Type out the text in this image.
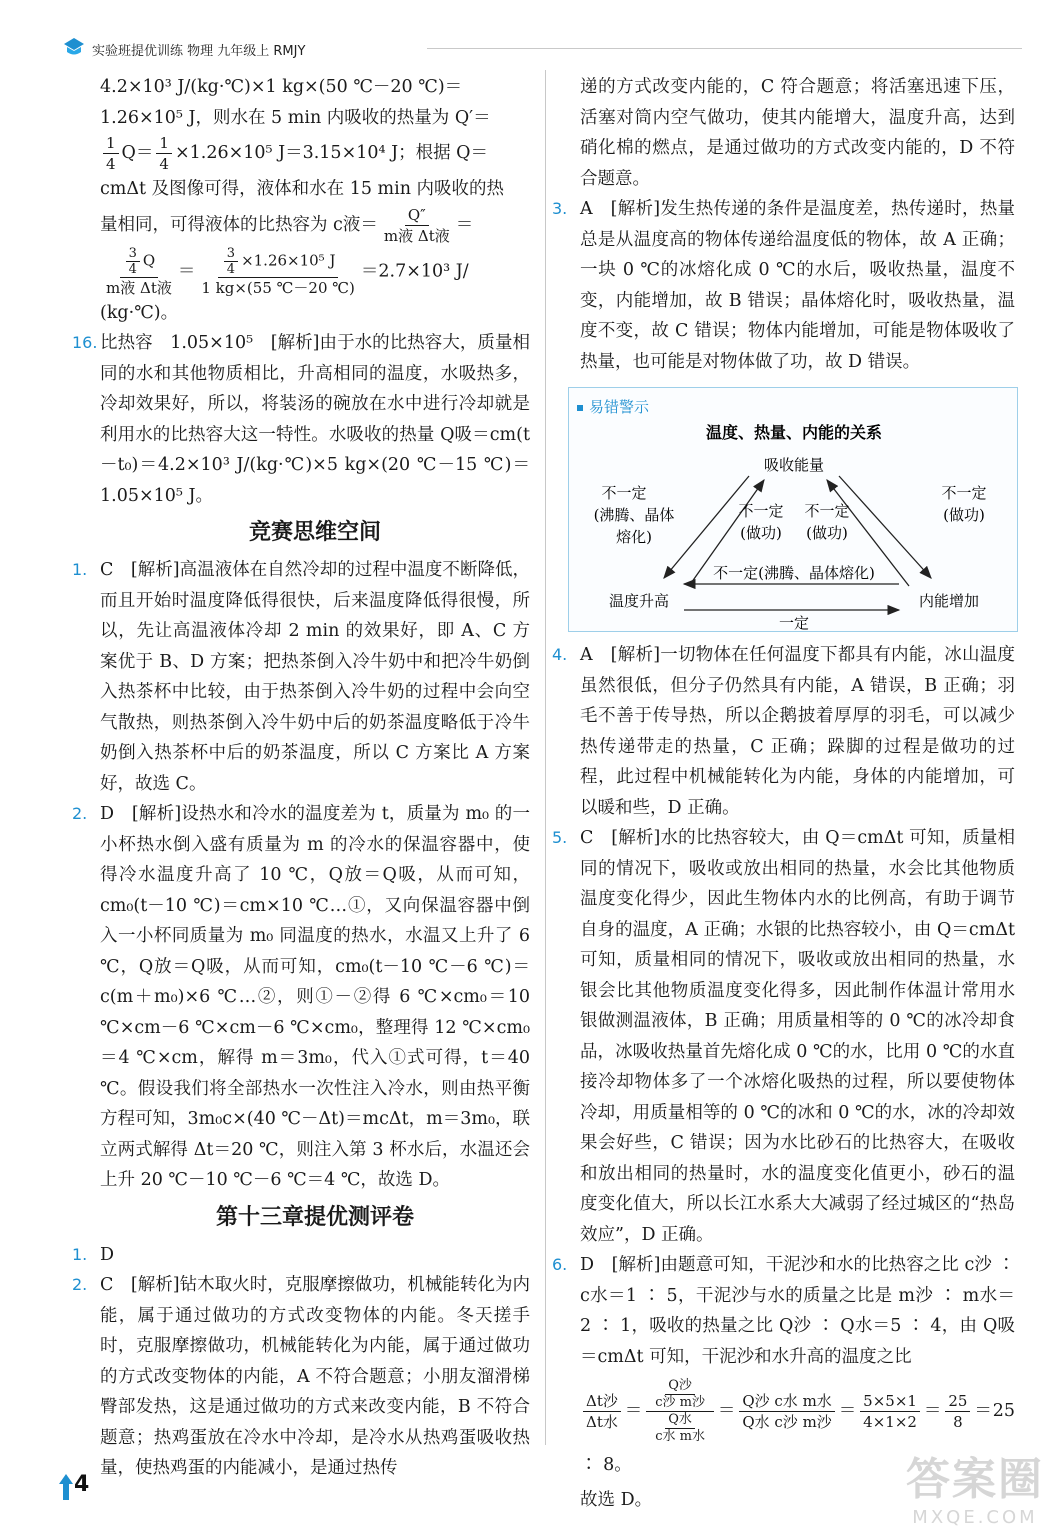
实验班提优训练 物理 九年级上 RMJY

4.2×10³ J/(kg·℃)×1 kg×(50 ℃－20 ℃)＝
1.26×10⁵ J，则水在 5 min 内吸收的热量为 Q′＝

$\frac{1}{4} Q= \frac{1}{4} \times 1.26\times 10^5$ J＝3.15×10⁴ J；根据 Q＝
cmΔt 及图像可得，液体和水在 15 min 内吸收的热
量相同，可得液体的比热容为 c液＝ $\frac{Q''}{\text{m液 Δt液}}$ ＝

$\frac{\frac{3}{4} Q}{\text{m液 Δt液}} = \frac{\frac{3}{4} \times 1.26\times 10^5 J}{1 kg\times(55 ℃-20 ℃)} =2.7\times 10^3$ J/
(kg·℃)。

16. 比热容　1.05×10⁵　[解析]由于水的比热容大，质量相同的水和其他物质相比，升高相同的温度，水吸热多，冷却效果好，所以，将装汤的碗放在水中进行冷却就是利用水的比热容大这一特性。水吸收的热量 Q吸＝cm(t－t₀)＝4.2×10³ J/(kg·℃)×5 kg×(20 ℃－15 ℃)＝1.05×10⁵ J。

竞赛思维空间

1. C　[解析]高温液体在自然冷却的过程中温度不断降低，而且开始时温度降低得很快，后来温度降低得很慢，所以，先让高温液体冷却 2 min 的效果好，即 A、C 方案优于 B、D 方案；把热茶倒入冷牛奶中和把冷牛奶倒入热茶杯中比较，由于热茶倒入冷牛奶的过程中会向空气散热，则热茶倒入冷牛奶中后的奶茶温度略低于冷牛奶倒入热茶杯中后的奶茶温度，所以 C 方案比 A 方案好，故选 C。

2. D　[解析]设热水和冷水的温度差为 t，质量为 m₀ 的一小杯热水倒入盛有质量为 m 的冷水的保温容器中，使得冷水温度升高了 10 ℃，Q放＝Q吸，从而可知，cm₀(t－10 ℃)＝cm×10 ℃…①，又向保温容器中倒入一小杯同质量为 m₀ 同温度的热水，水温又上升了 6 ℃，Q放＝Q吸，从而可知，cm₀(t－10 ℃－6 ℃)＝c(m＋m₀)×6 ℃…②，则①－②得 6 ℃×cm₀＝10 ℃×cm－6 ℃×cm－6 ℃×cm₀，整理得 12 ℃×cm₀＝4 ℃×cm，解得 m＝3m₀，代入①式可得，t＝40 ℃。假设我们将全部热水一次性注入冷水，则由热平衡方程可知，3m₀c×(40 ℃－Δt)＝mcΔt，m＝3m₀，联立两式解得 Δt＝20 ℃，则注入第 3 杯水后，水温还会上升 20 ℃－10 ℃－6 ℃＝4 ℃，故选 D。

第十三章提优测评卷

1. D

2. C　[解析]钻木取火时，克服摩擦做功，机械能转化为内能，属于通过做功的方式改变物体的内能。冬天搓手时，克服摩擦做功，机械能转化为内能，属于通过做功的方式改变物体的内能，A 不符合题意；小朋友溜滑梯臀部发热，这是通过做功的方式来改变内能，B 不符合题意；热鸡蛋放在冷水中冷却，是冷水从热鸡蛋吸收热量，使热鸡蛋的内能减小，是通过热传

递的方式改变内能的，C 符合题意；将活塞迅速下压，活塞对筒内空气做功，使其内能增大，温度升高，达到硝化棉的燃点，是通过做功的方式改变内能的，D 不符合题意。

3. A　[解析]发生热传递的条件是温度差，热传递时，热量总是从温度高的物体传递给温度低的物体，故 A 正确；一块 0 ℃的冰熔化成 0 ℃的水后，吸收热量，温度不变，内能增加，故 B 错误；晶体熔化时，吸收热量，温度不变，故 C 错误；物体内能增加，可能是物体吸收了热量，也可能是对物体做了功，故 D 错误。

易错警示
温度、热量、内能的关系
吸收能量
温度升高	内能增加
不一定
(沸腾、晶体
熔化)
不一定
(做功)
不一定
(做功)
不一定
(做功)
不一定(沸腾、晶体熔化)
一定

4. A　[解析]一切物体在任何温度下都具有内能，冰山温度虽然很低，但分子仍然具有内能，A 错误，B 正确；羽毛不善于传导热，所以企鹅披着厚厚的羽毛，可以减少热传递带走的热量，C 正确；跺脚的过程是做功的过程，此过程中机械能转化为内能，身体的内能增加，可以暖和些，D 正确。

5. C　[解析]水的比热容较大，由 Q＝cmΔt 可知，质量相同的情况下，吸收或放出相同的热量，水会比其他物质温度变化得少，因此生物体内水的比例高，有助于调节自身的温度，A 正确；水银的比热容较小，由 Q＝cmΔt 可知，质量相同的情况下，吸收或放出相同的热量，水银会比其他物质温度变化得多，因此制作体温计常用水银做测温液体，B 正确；用质量相等的 0 ℃的冰冷却食品，冰吸收热量首先熔化成 0 ℃的水，比用 0 ℃的水直接冷却物体多了一个冰熔化吸热的过程，所以要使物体冷却，用质量相等的 0 ℃的冰和 0 ℃的水，冰的冷却效果会好些，C 错误；因为水比砂石的比热容大，在吸收和放出相同的热量时，水的温度变化值更小，砂石的温度变化值大，所以长江水系大大减弱了经过城区的“热岛效应”，D 正确。

6. D　[解析]由题意可知，干泥沙和水的比热容之比 c沙 ∶ c水＝1 ∶ 5，干泥沙与水的质量之比是 m沙 ∶ m水＝2 ∶ 1，吸收的热量之比 Q沙 ∶ Q水＝5 ∶ 4，由 Q吸＝cmΔt 可知，干泥沙和水升高的温度之比

$\frac{\text{Δt沙}}{\text{Δt水}} = \frac{\frac{\text{Q沙}}{\text{c沙 m沙}}}{\frac{\text{Q水}}{\text{c水 m水}}} = \frac{\text{Q沙 c水 m水}}{\text{Q水 c沙 m沙}} = \frac{5\times 5\times 1}{4\times 1\times 2} = \frac{25}{8} =25$ ∶ 8。

故选 D。

4	答案圈
MXQE.COM
